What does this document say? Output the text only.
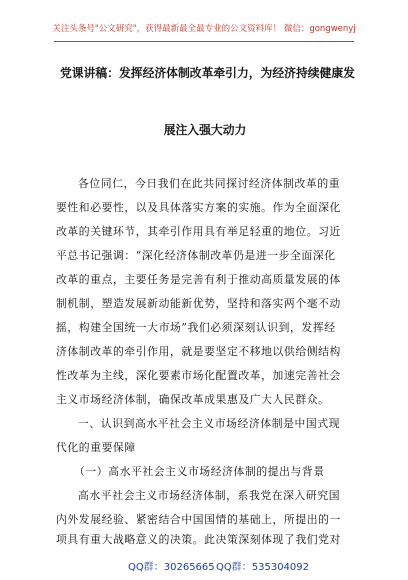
关注头条号"公文研究"，获得最新最全最专业的公文资料库！ 微信：gongwenyj
党课讲稿：发挥经济体制改革牵引力，为经济持续健康发
展注入强大动力
各位同仁，今日我们在此共同探讨经济体制改革的重
要性和必要性，以及具体落实方案的实施。作为全面深化
改革的关键环节，其牵引作用具有举足轻重的地位。习近
平总书记强调：“深化经济体制改革仍是进一步全面深化
改革的重点，主要任务是完善有利于推动高质量发展的体
制机制，塑造发展新动能新优势，坚持和落实两个毫不动
摇，构建全国统一大市场”我们必须深刻认识到，发挥经
济体制改革的牵引作用，就是要坚定不移地以供给侧结构
性改革为主线，深化要素市场化配置改革，加速完善社会
主义市场经济体制，确保改革成果惠及广大人民群众。
一、认识到高水平社会主义市场经济体制是中国式现
代化的重要保障
（一）高水平社会主义市场经济体制的提出与背景
高水平社会主义市场经济体制，系我党在深入研究国
内外发展经验、紧密结合中国国情的基础上，所提出的一
QQ群：30265665 QQ群：535304092
项具有重大战略意义的决策。此决策深刻体现了我们党对
